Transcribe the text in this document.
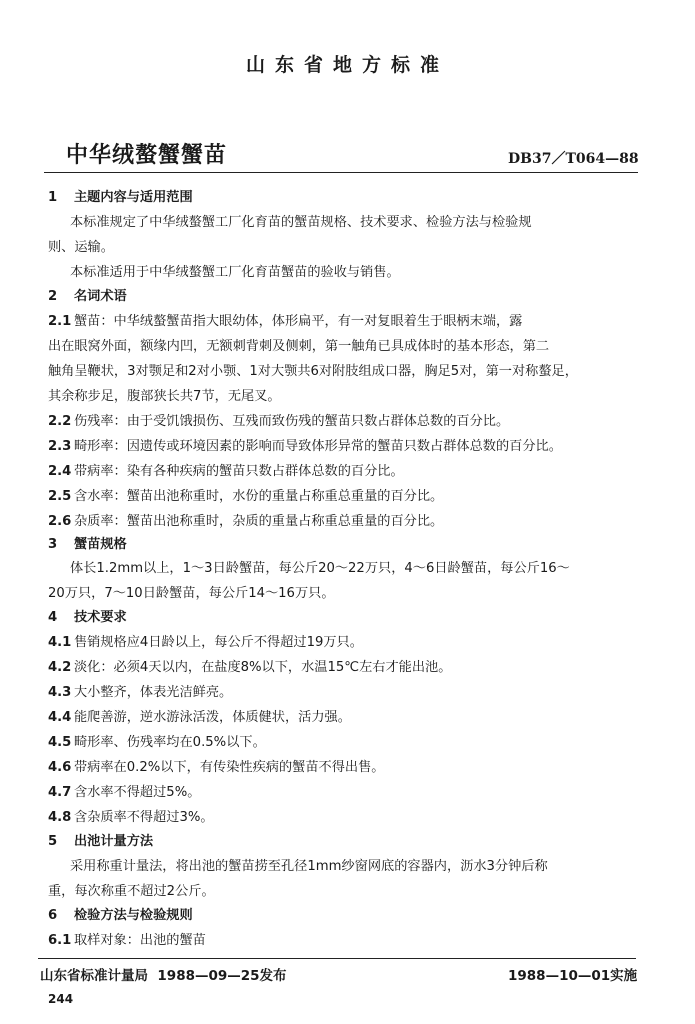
山东省地方标准
中华绒螯蟹蟹苗	DB37／T064—88
1 主题内容与适用范围
本标准规定了中华绒螯蟹工厂化育苗的蟹苗规格、技术要求、检验方法与检验规
则、运输。
本标准适用于中华绒螯蟹工厂化育苗蟹苗的验收与销售。
2 名词术语
2.1 蟹苗：中华绒螯蟹苗指大眼幼体，体形扁平，有一对复眼着生于眼柄末端，露
出在眼窝外面，额缘内凹，无额刺背刺及侧刺，第一触角已具成体时的基本形态，第二
触角呈鞭状，3对颚足和2对小颚、1对大颚共6对附肢组成口器，胸足5对，第一对称螯足，
其余称步足，腹部狭长共7节，无尾叉。
2.2 伤残率：由于受饥饿损伤、互残而致伤残的蟹苗只数占群体总数的百分比。
2.3 畸形率：因遗传或环境因素的影响而导致体形异常的蟹苗只数占群体总数的百分比。
2.4 带病率：染有各种疾病的蟹苗只数占群体总数的百分比。
2.5 含水率：蟹苗出池称重时，水份的重量占称重总重量的百分比。
2.6 杂质率：蟹苗出池称重时，杂质的重量占称重总重量的百分比。
3 蟹苗规格
体长1.2mm以上，1～3日龄蟹苗，每公斤20～22万只，4～6日龄蟹苗，每公斤16～
20万只，7～10日龄蟹苗，每公斤14～16万只。
4 技术要求
4.1 售销规格应4日龄以上，每公斤不得超过19万只。
4.2 淡化：必须4天以内，在盐度8%以下，水温15℃左右才能出池。
4.3 大小整齐，体表光洁鲜亮。
4.4 能爬善游，逆水游泳活泼，体质健状，活力强。
4.5 畸形率、伤残率均在0.5%以下。
4.6 带病率在0.2%以下，有传染性疾病的蟹苗不得出售。
4.7 含水率不得超过5%。
4.8 含杂质率不得超过3%。
5 出池计量方法
采用称重计量法，将出池的蟹苗捞至孔径1mm纱窗网底的容器内，沥水3分钟后称
重，每次称重不超过2公斤。
6 检验方法与检验规则
6.1 取样对象：出池的蟹苗
山东省标准计量局 1988—09—25发布	1988—10—01实施
244
